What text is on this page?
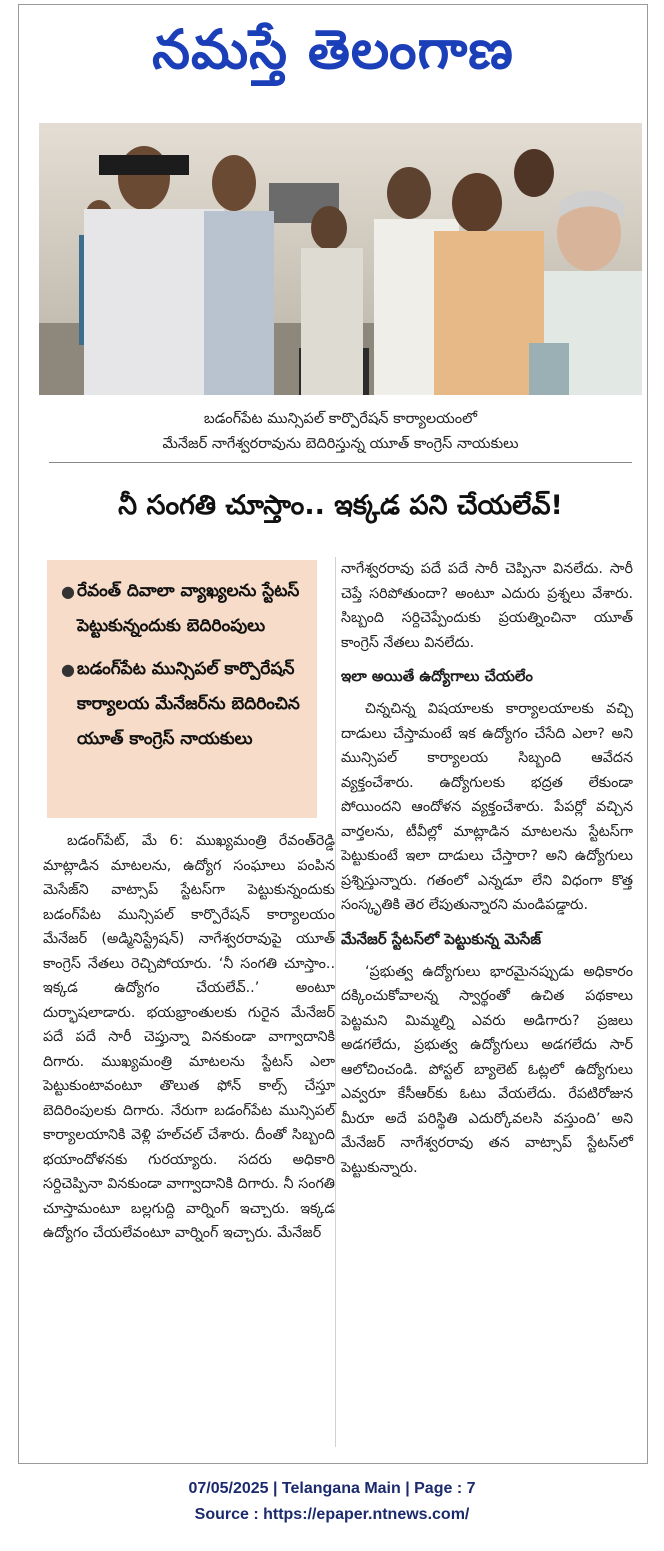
నమస్తే తెలంగాణ
బడంగ్‌పేట మున్సిపల్ కార్పొరేషన్ కార్యాలయంలో
మేనేజర్ నాగేశ్వరరావును బెదిరిస్తున్న యూత్ కాంగ్రెస్ నాయకులు
నీ సంగతి చూస్తాం.. ఇక్కడ పని చేయలేవ్!
● రేవంత్ దివాలా వ్యాఖ్యలను స్టేటస్ పెట్టుకున్నందుకు బెదిరింపులు
● బడంగ్‌పేట మున్సిపల్ కార్పొరేషన్ కార్యాలయ మేనేజర్‌ను బెదిరించిన యూత్ కాంగ్రెస్ నాయకులు

బడంగ్‌పేట్, మే 6: ముఖ్యమంత్రి రేవంత్‌రెడ్డి మాట్లాడిన మాటలను, ఉద్యోగ సంఘాలు పంపిన మెసేజ్‌ని వాట్సాప్ స్టేటస్‌గా పెట్టుకున్నందుకు బడంగ్‌పేట మున్సిపల్ కార్పొరేషన్ కార్యాలయం మేనేజర్ (అడ్మినిస్ట్రేషన్) నాగేశ్వరరావుపై యూత్ కాంగ్రెస్ నేతలు రెచ్చిపోయారు. ‘నీ సంగతి చూస్తాం.. ఇక్కడ ఉద్యోగం చేయలేవ్..’ అంటూ దుర్భాషలాడారు. భయభ్రాంతులకు గురైన మేనేజర్ పదే పదే సారీ చెప్తున్నా వినకుండా వాగ్వాదానికి దిగారు. ముఖ్యమంత్రి మాటలను స్టేటస్ ఎలా పెట్టుకుంటావంటూ తొలుత ఫోన్ కాల్స్ చేస్తూ బెదిరింపులకు దిగారు. నేరుగా బడంగ్‌పేట మున్సిపల్ కార్యాలయానికి వెళ్లి హల్‌చల్ చేశారు. దీంతో సిబ్బంది భయాందోళనకు గురయ్యారు. సదరు అధికారి సర్దిచెప్పినా వినకుండా వాగ్వాదానికి దిగారు. నీ సంగతి చూస్తామంటూ బల్లగుద్ది వార్నింగ్ ఇచ్చారు. ఇక్కడ ఉద్యోగం చేయలేవంటూ వార్నింగ్ ఇచ్చారు. మేనేజర్

నాగేశ్వరరావు పదే పదే సారీ చెప్పినా వినలేదు. సారీ చెప్తే సరిపోతుందా? అంటూ ఎదురు ప్రశ్నలు వేశారు. సిబ్బంది సర్దిచెప్పేందుకు ప్రయత్నించినా యూత్ కాంగ్రెస్ నేతలు వినలేదు.

ఇలా అయితే ఉద్యోగాలు చేయలేం

చిన్నచిన్న విషయాలకు కార్యాలయాలకు వచ్చి దాడులు చేస్తామంటే ఇక ఉద్యోగం చేసేది ఎలా? అని మున్సిపల్ కార్యాలయ సిబ్బంది ఆవేదన వ్యక్తంచేశారు. ఉద్యోగులకు భద్రత లేకుండా పోయిందని ఆందోళన వ్యక్తంచేశారు. పేపర్లో వచ్చిన వార్తలను, టీవీల్లో మాట్లాడిన మాటలను స్టేటస్‌గా పెట్టుకుంటే ఇలా దాడులు చేస్తారా? అని ఉద్యోగులు ప్రశ్నిస్తున్నారు. గతంలో ఎన్నడూ లేని విధంగా కొత్త సంస్కృతికి తెర లేపుతున్నారని మండిపడ్డారు.

మేనేజర్ స్టేటస్‌లో పెట్టుకున్న మెసేజ్

‘ప్రభుత్వ ఉద్యోగులు భారమైనప్పుడు అధికారం దక్కించుకోవాలన్న స్వార్థంతో ఉచిత పథకాలు పెట్టమని మిమ్మల్ని ఎవరు అడిగారు? ప్రజలు అడగలేదు, ప్రభుత్వ ఉద్యోగులు అడగలేదు సార్ ఆలోచించండి. పోస్టల్ బ్యాలెట్ ఓట్లలో ఉద్యోగులు ఎవ్వరూ కేసీఆర్‌కు ఓటు వేయలేదు. రేపటిరోజున మీరూ అదే పరిస్థితి ఎదుర్కోవలసి వస్తుంది’ అని మేనేజర్ నాగేశ్వరరావు తన వాట్సాప్ స్టేటస్‌లో పెట్టుకున్నారు.

07/05/2025 | Telangana Main | Page : 7
Source : https://epaper.ntnews.com/
